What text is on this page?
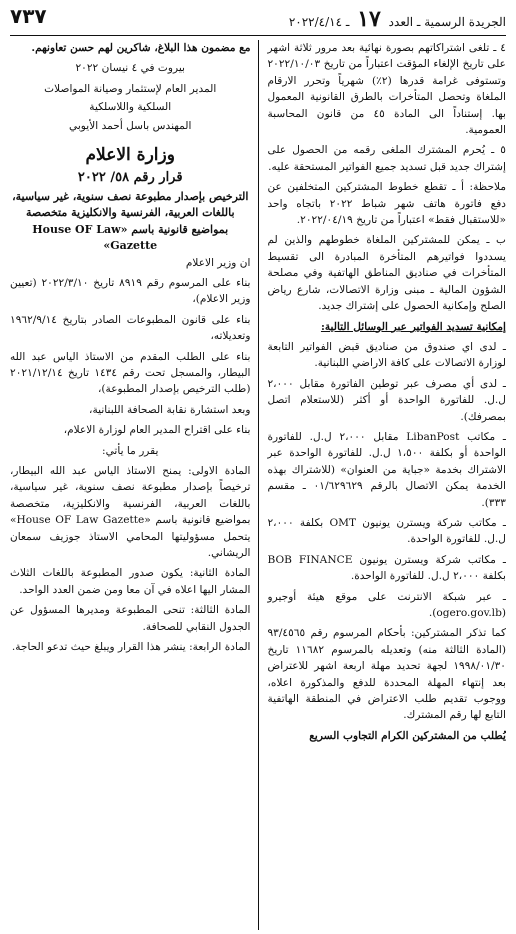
الجريدة الرسمية ـ العدد ١٧ ـ ٢٠٢٢/٤/١٤
٧٣٧

٤ ـ تلغى اشتراكاتهم بصورة نهائية بعد مرور ثلاثة اشهر على تاريخ الإلغاء المؤقت اعتباراً من تاريخ ٢٠٢٢/١٠/٠٣ وتستوفى غرامة قدرها (٢٪) شهرياً وتحرر الارقام الملغاة وتحصل المتأخرات بالطرق القانونية المعمول بها. إستناداً الى المادة ٤٥ من قانون المحاسبة العمومية.

٥ ـ يُحرم المشترك الملغى رقمه من الحصول على إشتراك جديد قبل تسديد جميع الفواتير المستحقة عليه.

ملاحظة: أ ـ تقطع خطوط المشتركين المتخلفين عن دفع فاتورة هاتف شهر شباط ٢٠٢٢ باتجاه واحد «للاستقبال فقط» اعتباراً من تاريخ ٢٠٢٢/٠٤/١٩.

ب ـ يمكن للمشتركين الملغاة خطوطهم والذين لم يسددوا فواتيرهم المتأخرة المبادرة الى تقسيط المتأخرات في صناديق المناطق الهاتفية وفي مصلحة الشؤون المالية ـ مبنى وزارة الاتصالات، شارع رياض الصلح وإمكانية الحصول على إشتراك جديد.

إمكانية تسديد الفواتير عبر الوسائل التالية:

ـ لدى اي صندوق من صناديق قبض الفواتير التابعة لوزارة الاتصالات على كافة الاراضي اللبنانية.

ـ لدى أي مصرف عبر توطين الفاتورة مقابل ٢،٠٠٠ ل.ل. للفاتورة الواحدة أو أكثر (للاستعلام اتصل بمصرفك).

ـ مكاتب LibanPost مقابل ٢،٠٠٠ ل.ل. للفاتورة الواحدة أو بكلفة ١،٥٠٠ ل.ل. للفاتورة الواحدة عبر الاشتراك بخدمة «جباية من العنوان» (للاشتراك بهذه الخدمة يمكن الاتصال بالرقم ٠١/٦٢٩٦٢٩ ـ مقسم ٣٣٣).

ـ مكاتب شركة ويسترن يونيون OMT بكلفة ٢،٠٠٠ ل.ل. للفاتورة الواحدة.

ـ مكاتب شركة ويسترن يونيون BOB FINANCE بكلفة ٢،٠٠٠ ل.ل. للفاتورة الواحدة.

ـ عبر شبكة الانترنت على موقع هيئة أوجيرو (ogero.gov.lb).

كما تذكر المشتركين: بأحكام المرسوم رقم ٩٣/٤٥٦٥ (المادة الثالثة منه) وتعديله بالمرسوم ١١٦٨٢ تاريخ ١٩٩٨/٠١/٣٠ لجهة تحديد مهلة اربعة اشهر للاعتراض بعد إنتهاء المهلة المحددة للدفع والمذكورة اعلاه، ووجوب تقديم طلب الاعتراض في المنطقة الهاتفية التابع لها رقم المشترك.

يُطلب من المشتركين الكرام التجاوب السريع

مع مضمون هذا البلاغ، شاكرين لهم حسن تعاونهم.

بيروت في ٤ نيسان ٢٠٢٢

المدير العام لإستثمار وصيانة المواصلات
السلكية واللاسلكية
المهندس باسل أحمد الأيوبي
وزارة الاعلام
قرار رقم ٥٨/ ٢٠٢٢
الترخيص بإصدار مطبوعة نصف سنوية، غير سياسية، باللغات العربية، الفرنسية والانكليزية متخصصة بمواضيع قانونية باسم «House OF Law Gazette»

ان وزير الاعلام

بناء على المرسوم رقم ٨٩١٩ تاريخ ٢٠٢٢/٣/١٠ (تعيين وزير الاعلام)،

بناء على قانون المطبوعات الصادر بتاريخ ١٩٦٢/٩/١٤ وتعديلاته،

بناء على الطلب المقدم من الاستاذ الياس عبد الله البيطار، والمسجل تحت رقم ١٤٣٤ تاريخ ٢٠٢١/١٢/١٤ (طلب الترخيص بإصدار المطبوعة)،

وبعد استشارة نقابة الصحافة اللبنانية،

بناء على اقتراح المدير العام لوزارة الاعلام،

يقرر ما يأتي:

المادة الاولى: يمنح الاستاذ الياس عبد الله البيطار، ترخيصاً بإصدار مطبوعة نصف سنوية، غير سياسية، باللغات العربية، الفرنسية والانكليزية، متخصصة بمواضيع قانونية باسم «House OF Law Gazette» يتحمل مسؤوليتها المحامي الاستاذ جوزيف سمعان الريشاني.

المادة الثانية: يكون صدور المطبوعة باللغات الثلاث المشار اليها اعلاه في آن معا ومن ضمن العدد الواحد.

المادة الثالثة: تنحى المطبوعة ومديرها المسؤول عن الجدول النقابي للصحافة.

المادة الرابعة: ينشر هذا القرار ويبلغ حيث تدعو الحاجة.
